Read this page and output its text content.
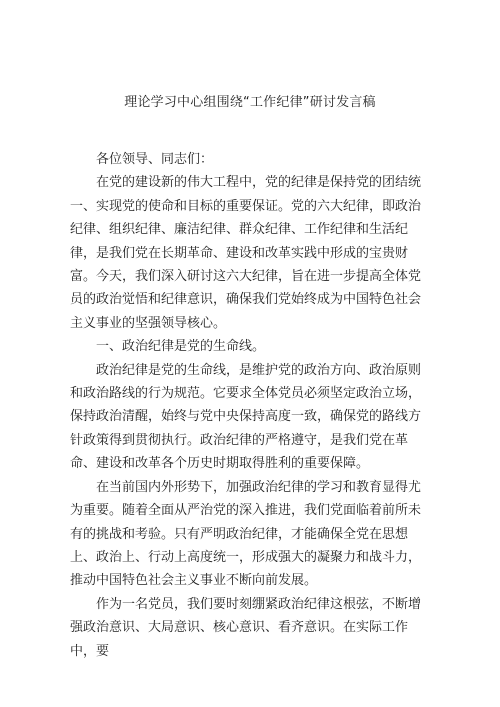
理论学习中心组围绕“工作纪律”研讨发言稿

各位领导、同志们：

在党的建设新的伟大工程中，党的纪律是保持党的团结统一、实现党的使命和目标的重要保证。党的六大纪律，即政治纪律、组织纪律、廉洁纪律、群众纪律、工作纪律和生活纪律，是我们党在长期革命、建设和改革实践中形成的宝贵财富。今天，我们深入研讨这六大纪律，旨在进一步提高全体党员的政治觉悟和纪律意识，确保我们党始终成为中国特色社会主义事业的坚强领导核心。

一、政治纪律是党的生命线。

政治纪律是党的生命线，是维护党的政治方向、政治原则和政治路线的行为规范。它要求全体党员必须坚定政治立场，保持政治清醒，始终与党中央保持高度一致，确保党的路线方针政策得到贯彻执行。政治纪律的严格遵守，是我们党在革命、建设和改革各个历史时期取得胜利的重要保障。

在当前国内外形势下，加强政治纪律的学习和教育显得尤为重要。随着全面从严治党的深入推进，我们党面临着前所未有的挑战和考验。只有严明政治纪律，才能确保全党在思想上、政治上、行动上高度统一，形成强大的凝聚力和战斗力，推动中国特色社会主义事业不断向前发展。

作为一名党员，我们要时刻绷紧政治纪律这根弦，不断增强政治意识、大局意识、核心意识、看齐意识。在实际工作中，要
